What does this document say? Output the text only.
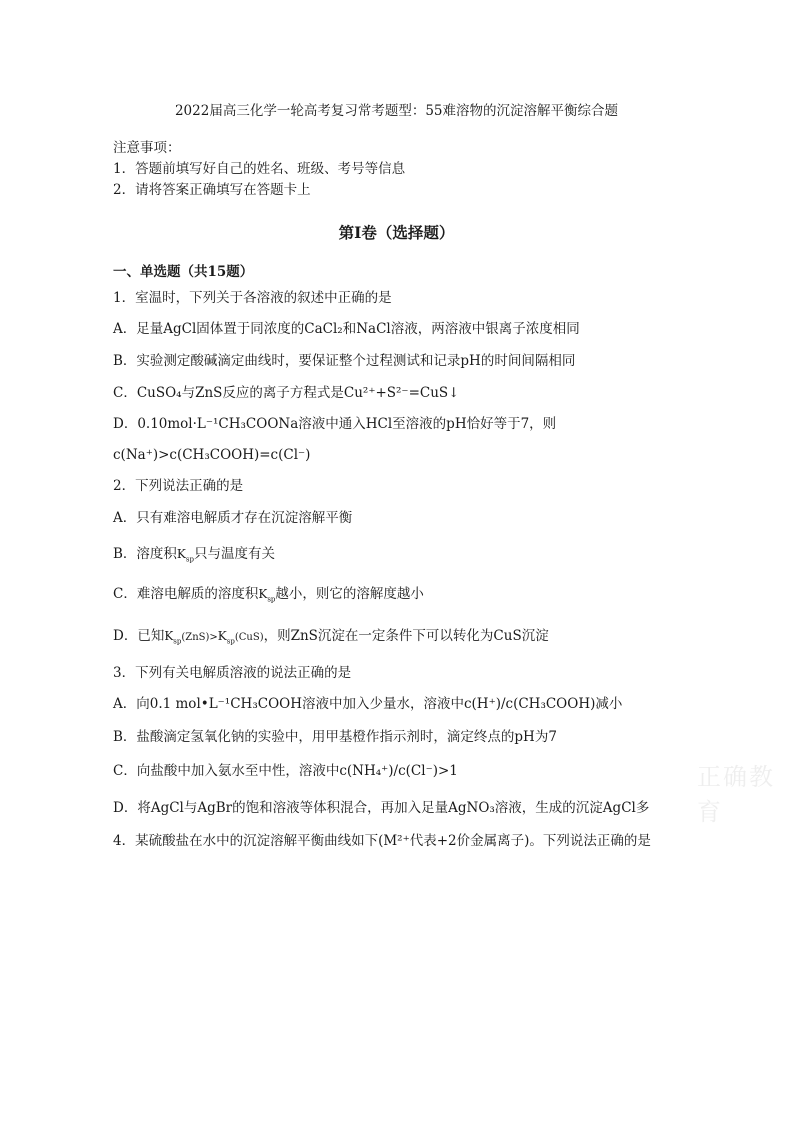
2022届高三化学一轮高考复习常考题型：55难溶物的沉淀溶解平衡综合题
注意事项：
1．答题前填写好自己的姓名、班级、考号等信息
2．请将答案正确填写在答题卡上
第I卷（选择题）
一、单选题（共15题）
1．室温时，下列关于各溶液的叙述中正确的是
A．足量AgCl固体置于同浓度的CaCl₂和NaCl溶液，两溶液中银离子浓度相同
B．实验测定酸碱滴定曲线时，要保证整个过程测试和记录pH的时间间隔相同
C．CuSO₄与ZnS反应的离子方程式是Cu²⁺+S²⁻=CuS↓
D．0.10mol·L⁻¹CH₃COONa溶液中通入HCl至溶液的pH恰好等于7，则
c(Na⁺)>c(CH₃COOH)=c(Cl⁻)
2．下列说法正确的是
A．只有难溶电解质才存在沉淀溶解平衡
B．溶度积$K_{sp}$只与温度有关
C．难溶电解质的溶度积$K_{sp}$越小，则它的溶解度越小
D．已知$K_{sp}(ZnS)>K_{sp}(CuS)$，则ZnS沉淀在一定条件下可以转化为CuS沉淀
3．下列有关电解质溶液的说法正确的是
A．向0.1 mol•L⁻¹CH₃COOH溶液中加入少量水，溶液中c(H⁺)/c(CH₃COOH)减小
B．盐酸滴定氢氧化钠的实验中，用甲基橙作指示剂时，滴定终点的pH为7
C．向盐酸中加入氨水至中性，溶液中c(NH₄⁺)/c(Cl⁻)>1
D．将AgCl与AgBr的饱和溶液等体积混合，再加入足量AgNO₃溶液，生成的沉淀AgCl多
4．某硫酸盐在水中的沉淀溶解平衡曲线如下(M²⁺代表+2价金属离子)。下列说法正确的是
正确教育
